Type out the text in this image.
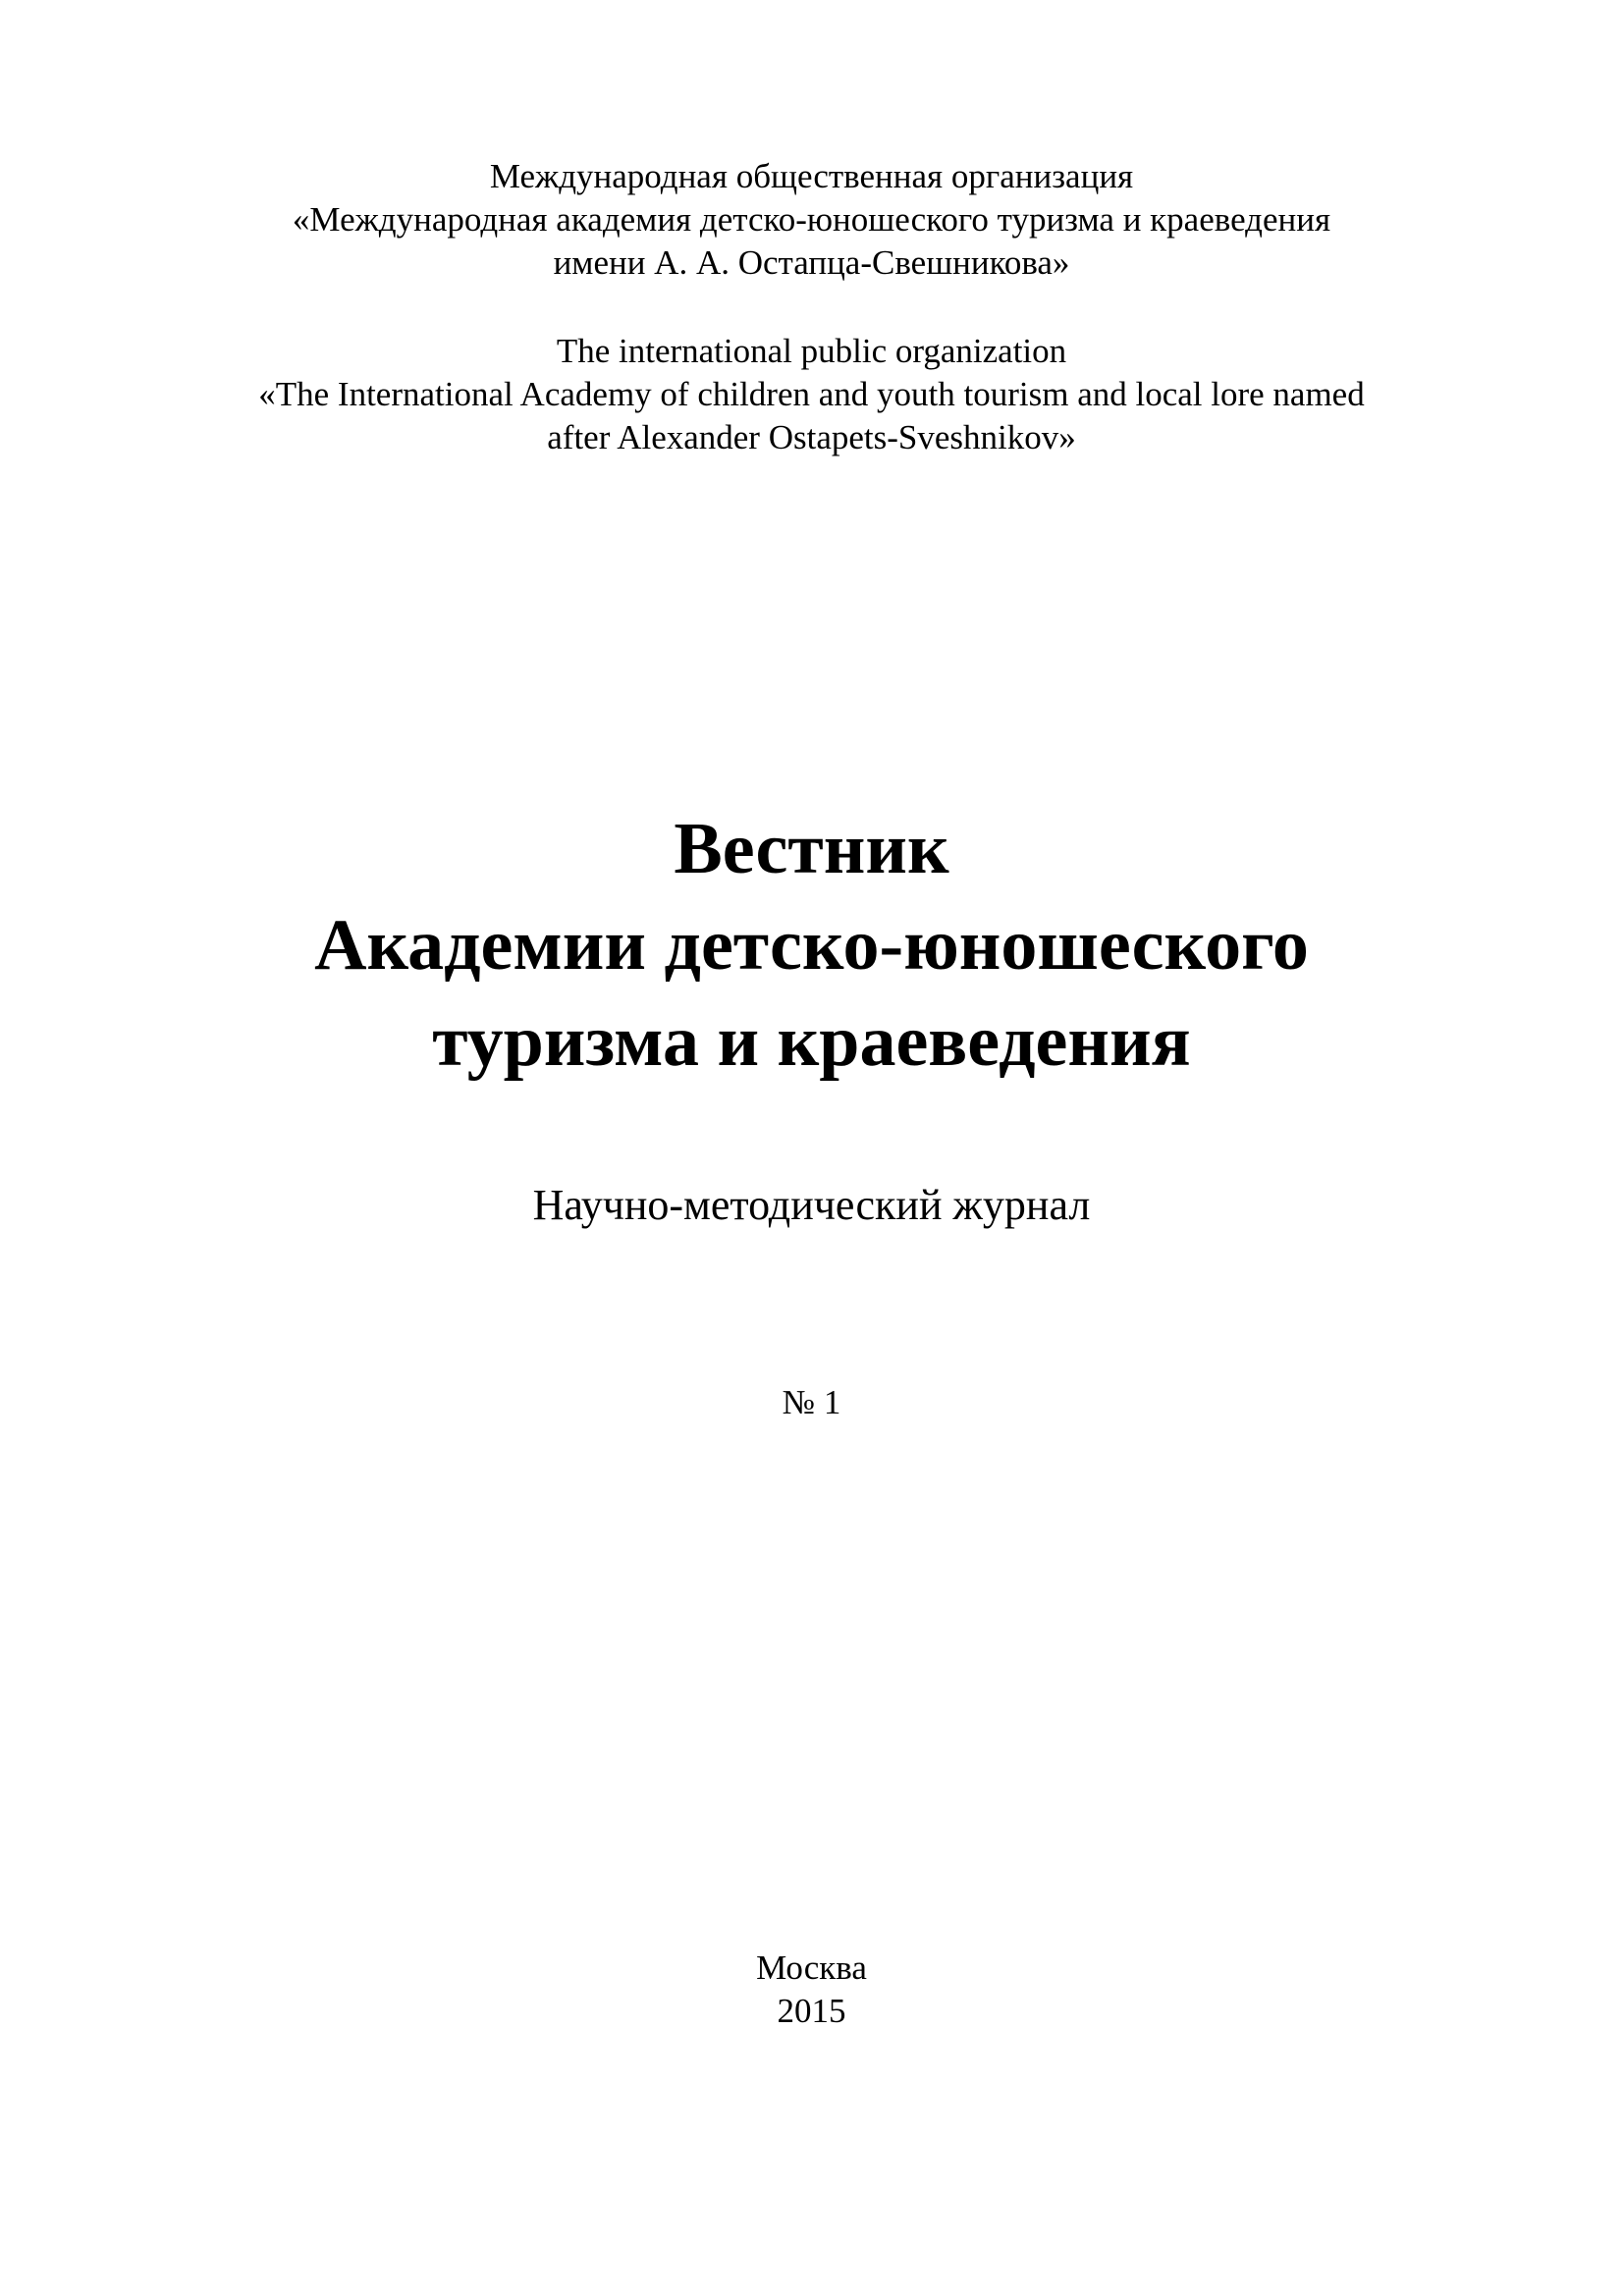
Международная общественная организация
«Международная академия детско-юношеского туризма и краеведения
имени А. А. Остапца-Свешникова»
The international public organization
«The International Academy of children and youth tourism and local lore named
after Alexander Ostapets-Sveshnikov»
Вестник
Академии детско-юношеского
туризма и краеведения
Научно-методический журнал
№ 1
Москва
2015
